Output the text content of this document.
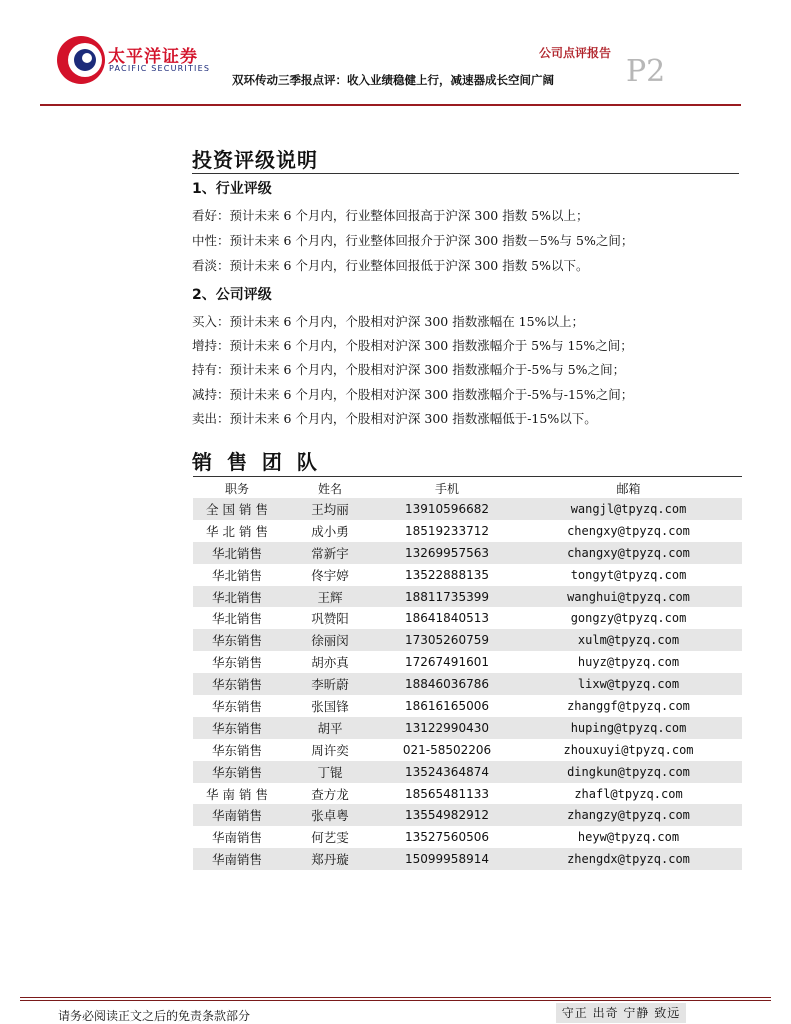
太平洋证券
PACIFIC SECURITIES
公司点评报告
P2
双环传动三季报点评：收入业绩稳健上行，减速器成长空间广阔
投资评级说明
1、行业评级
看好：预计未来 6 个月内，行业整体回报高于沪深 300 指数 5%以上；
中性：预计未来 6 个月内，行业整体回报介于沪深 300 指数－5%与 5%之间；
看淡：预计未来 6 个月内，行业整体回报低于沪深 300 指数 5%以下。
2、公司评级
买入：预计未来 6 个月内，个股相对沪深 300 指数涨幅在 15%以上；
增持：预计未来 6 个月内，个股相对沪深 300 指数涨幅介于 5%与 15%之间；
持有：预计未来 6 个月内，个股相对沪深 300 指数涨幅介于-5%与 5%之间；
减持：预计未来 6 个月内，个股相对沪深 300 指数涨幅介于-5%与-15%之间；
卖出：预计未来 6 个月内，个股相对沪深 300 指数涨幅低于-15%以下。
销 售 团 队
职务	姓名	手机	邮箱
全 国 销 售	王均丽	13910596682	wangjl@tpyzq.com
华 北 销 售	成小勇	18519233712	chengxy@tpyzq.com
华北销售	常新宇	13269957563	changxy@tpyzq.com
华北销售	佟宇婷	13522888135	tongyt@tpyzq.com
华北销售	王辉	18811735399	wanghui@tpyzq.com
华北销售	巩赞阳	18641840513	gongzy@tpyzq.com
华东销售	徐丽闵	17305260759	xulm@tpyzq.com
华东销售	胡亦真	17267491601	huyz@tpyzq.com
华东销售	李昕蔚	18846036786	lixw@tpyzq.com
华东销售	张国锋	18616165006	zhanggf@tpyzq.com
华东销售	胡平	13122990430	huping@tpyzq.com
华东销售	周许奕	021-58502206	zhouxuyi@tpyzq.com
华东销售	丁锟	13524364874	dingkun@tpyzq.com
华 南 销 售	查方龙	18565481133	zhafl@tpyzq.com
华南销售	张卓粤	13554982912	zhangzy@tpyzq.com
华南销售	何艺雯	13527560506	heyw@tpyzq.com
华南销售	郑丹璇	15099958914	zhengdx@tpyzq.com
请务必阅读正文之后的免责条款部分	守正 出奇 宁静 致远
